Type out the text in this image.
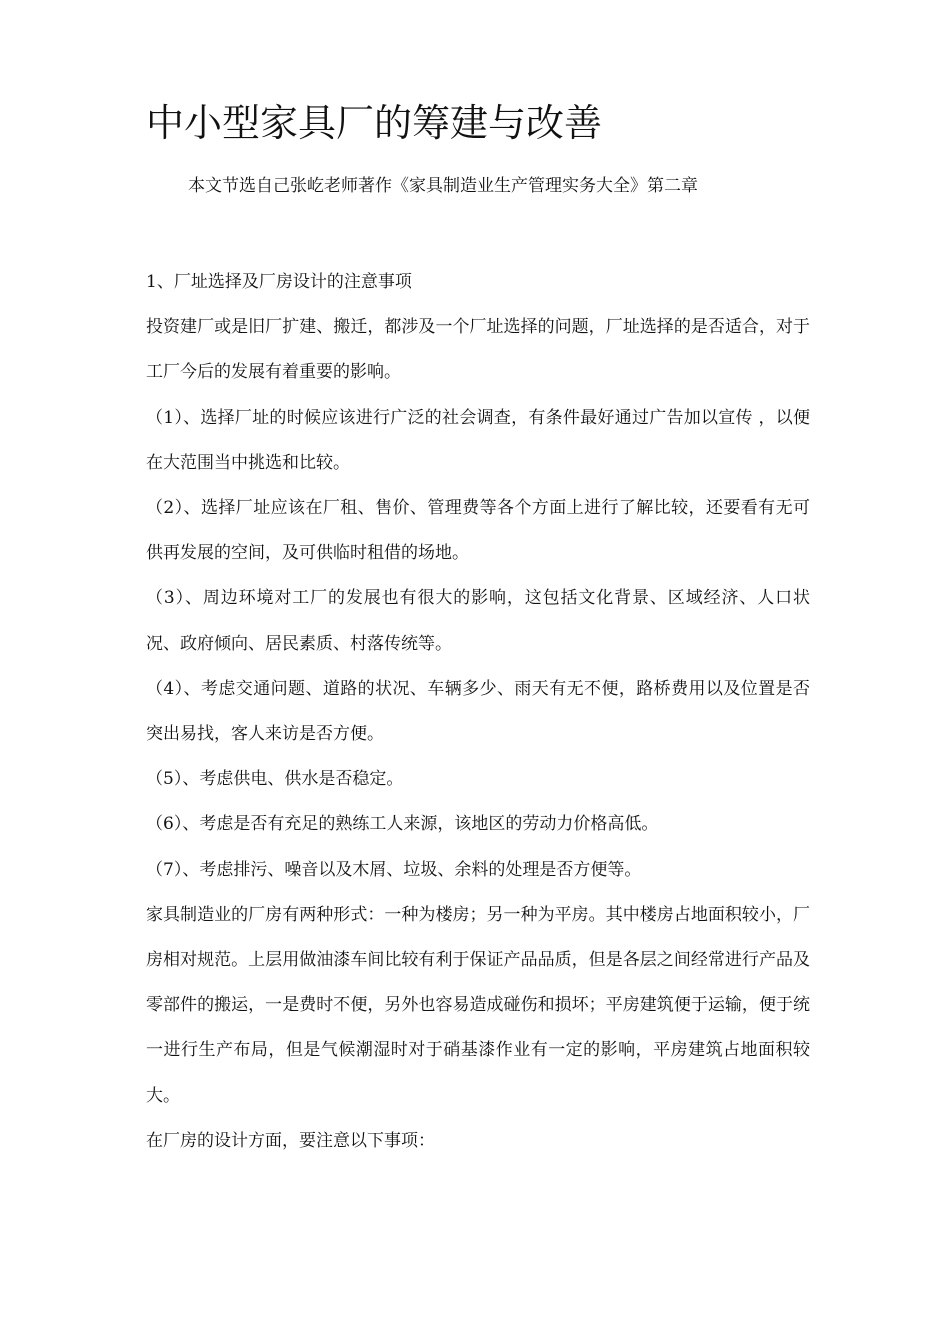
中小型家具厂的筹建与改善

本文节选自己张屹老师著作《家具制造业生产管理实务大全》第二章

1、厂址选择及厂房设计的注意事项

投资建厂或是旧厂扩建、搬迁，都涉及一个厂址选择的问题，厂址选择的是否适合，对于工厂今后的发展有着重要的影响。

（1）、选择厂址的时候应该进行广泛的社会调查，有条件最好通过广告加以宣传 ，以便在大范围当中挑选和比较。

（2）、选择厂址应该在厂租、售价、管理费等各个方面上进行了解比较，还要看有无可供再发展的空间，及可供临时租借的场地。

（3）、周边环境对工厂的发展也有很大的影响，这包括文化背景、区域经济、人口状况、政府倾向、居民素质、村落传统等。

（4）、考虑交通问题、道路的状况、车辆多少、雨天有无不便，路桥费用以及位置是否突出易找，客人来访是否方便。

（5）、考虑供电、供水是否稳定。

（6）、考虑是否有充足的熟练工人来源，该地区的劳动力价格高低。

（7）、考虑排污、噪音以及木屑、垃圾、余料的处理是否方便等。

家具制造业的厂房有两种形式：一种为楼房；另一种为平房。其中楼房占地面积较小，厂房相对规范。上层用做油漆车间比较有利于保证产品品质，但是各层之间经常进行产品及零部件的搬运，一是费时不便，另外也容易造成碰伤和损坏；平房建筑便于运输，便于统一进行生产布局，但是气候潮湿时对于硝基漆作业有一定的影响，平房建筑占地面积较大。

在厂房的设计方面，要注意以下事项：
